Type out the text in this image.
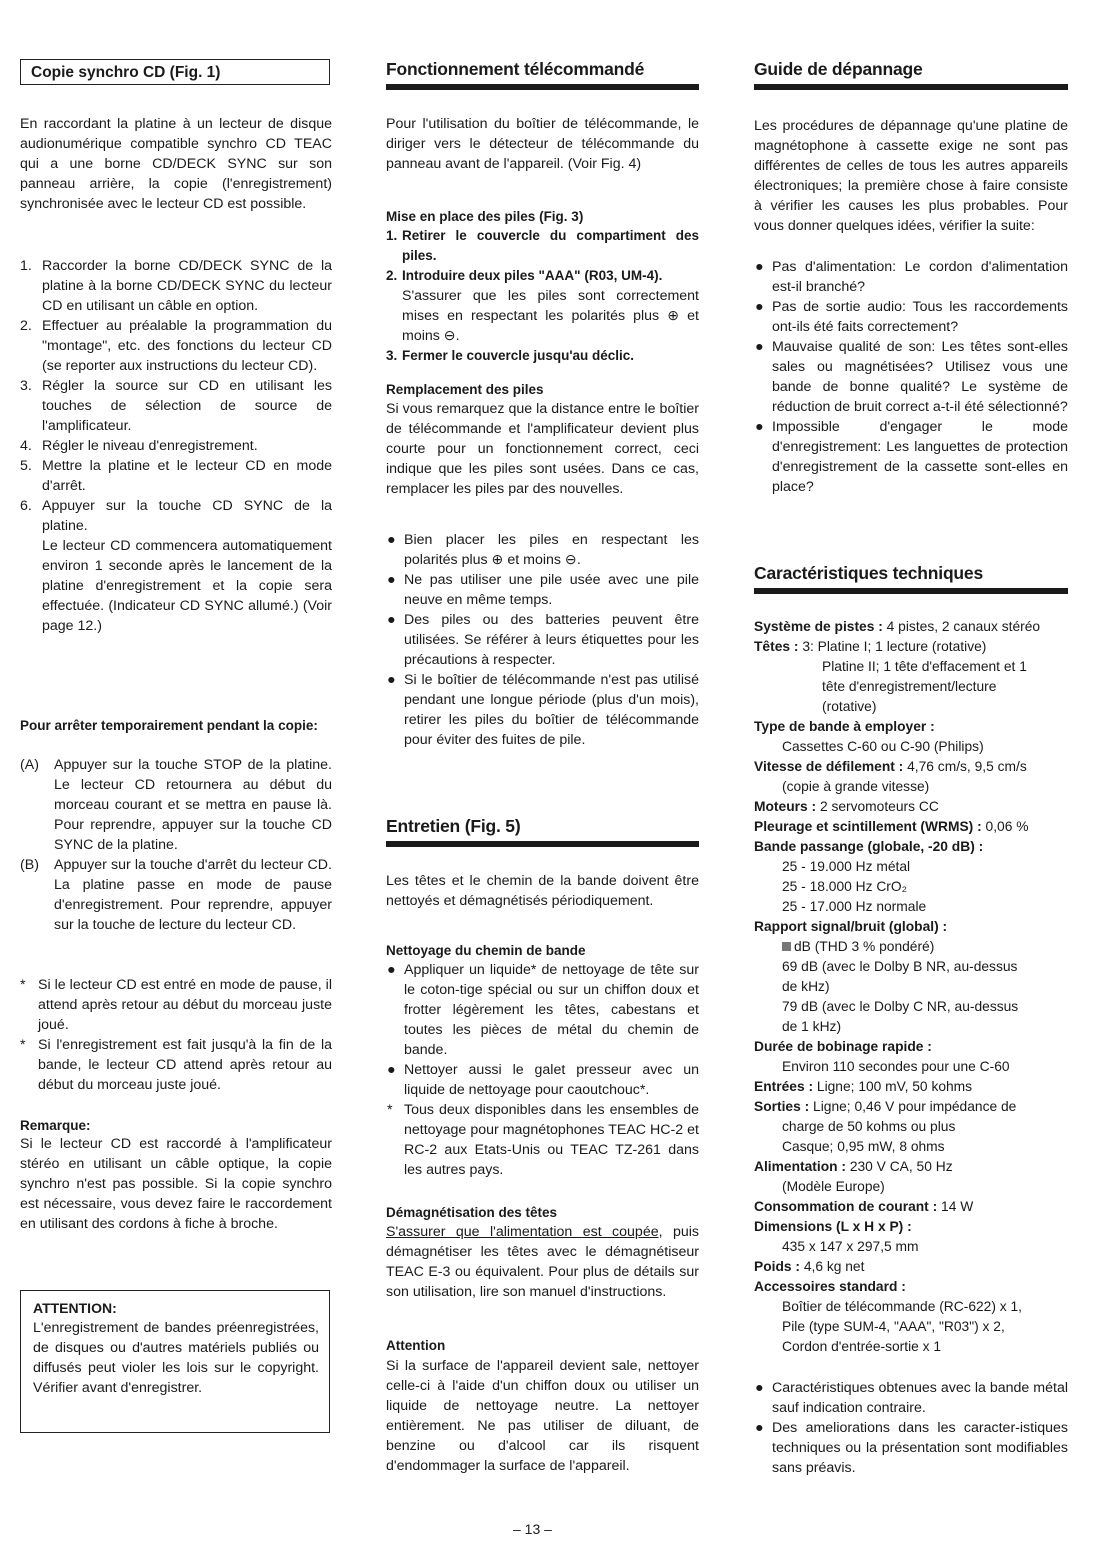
Copie synchro CD (Fig. 1)

En raccordant la platine à un lecteur de disque audionumérique compatible synchro CD TEAC qui a une borne CD/DECK SYNC sur son panneau arrière, la copie (l'enregistrement) synchronisée avec le lecteur CD est possible.

1. Raccorder la borne CD/DECK SYNC de la platine à la borne CD/DECK SYNC du lecteur CD en utilisant un câble en option.
2. Effectuer au préalable la programmation du "montage", etc. des fonctions du lecteur CD (se reporter aux instructions du lecteur CD).
3. Régler la source sur CD en utilisant les touches de sélection de source de l'amplificateur.
4. Régler le niveau d'enregistrement.
5. Mettre la platine et le lecteur CD en mode d'arrêt.
6. Appuyer sur la touche CD SYNC de la platine.
Le lecteur CD commencera automatiquement environ 1 seconde après le lancement de la platine d'enregistrement et la copie sera effectuée. (Indicateur CD SYNC allumé.) (Voir page 12.)
Pour arrêter temporairement pendant la copie:
(A) Appuyer sur la touche STOP de la platine. Le lecteur CD retournera au début du morceau courant et se mettra en pause là. Pour reprendre, appuyer sur la touche CD SYNC de la platine.
(B) Appuyer sur la touche d'arrêt du lecteur CD. La platine passe en mode de pause d'enregistrement. Pour reprendre, appuyer sur la touche de lecture du lecteur CD.
* Si le lecteur CD est entré en mode de pause, il attend après retour au début du morceau juste joué.
* Si l'enregistrement est fait jusqu'à la fin de la bande, le lecteur CD attend après retour au début du morceau juste joué.
Remarque:

Si le lecteur CD est raccordé à l'amplificateur stéréo en utilisant un câble optique, la copie synchro n'est pas possible. Si la copie synchro est nécessaire, vous devez faire le raccordement en utilisant des cordons à fiche à broche.

ATTENTION:

L'enregistrement de bandes préenregistrées, de disques ou d'autres matériels publiés ou diffusés peut violer les lois sur le copyright. Vérifier avant d'enregistrer.

Fonctionnement télécommandé

Pour l'utilisation du boîtier de télécommande, le diriger vers le détecteur de télécommande du panneau avant de l'appareil. (Voir Fig. 4)

Mise en place des piles (Fig. 3)
1. Retirer le couvercle du compartiment des piles.
2. Introduire deux piles "AAA" (R03, UM-4).
S'assurer que les piles sont correctement mises en respectant les polarités plus ⊕ et moins ⊖.
3. Fermer le couvercle jusqu'au déclic.
Remplacement des piles

Si vous remarquez que la distance entre le boîtier de télécommande et l'amplificateur devient plus courte pour un fonctionnement correct, ceci indique que les piles sont usées. Dans ce cas, remplacer les piles par des nouvelles.

● Bien placer les piles en respectant les polarités plus ⊕ et moins ⊖.
● Ne pas utiliser une pile usée avec une pile neuve en même temps.
● Des piles ou des batteries peuvent être utilisées. Se référer à leurs étiquettes pour les précautions à respecter.
● Si le boîtier de télécommande n'est pas utilisé pendant une longue période (plus d'un mois), retirer les piles du boîtier de télécommande pour éviter des fuites de pile.
Entretien (Fig. 5)

Les têtes et le chemin de la bande doivent être nettoyés et démagnétisés périodiquement.

Nettoyage du chemin de bande
● Appliquer un liquide* de nettoyage de tête sur le coton-tige spécial ou sur un chiffon doux et frotter légèrement les têtes, cabestans et toutes les pièces de métal du chemin de bande.
● Nettoyer aussi le galet presseur avec un liquide de nettoyage pour caoutchouc*.
* Tous deux disponibles dans les ensembles de nettoyage pour magnétophones TEAC HC-2 et RC-2 aux Etats-Unis ou TEAC TZ-261 dans les autres pays.
Démagnétisation des têtes

S'assurer que l'alimentation est coupée, puis démagnétiser les têtes avec le démagnétiseur TEAC E-3 ou équivalent. Pour plus de détails sur son utilisation, lire son manuel d'instructions.

Attention

Si la surface de l'appareil devient sale, nettoyer celle-ci à l'aide d'un chiffon doux ou utiliser un liquide de nettoyage neutre. La nettoyer entièrement. Ne pas utiliser de diluant, de benzine ou d'alcool car ils risquent d'endommager la surface de l'appareil.

Guide de dépannage

Les procédures de dépannage qu'une platine de magnétophone à cassette exige ne sont pas différentes de celles de tous les autres appareils électroniques; la première chose à faire consiste à vérifier les causes les plus probables. Pour vous donner quelques idées, vérifier la suite:

● Pas d'alimentation: Le cordon d'alimentation est-il branché?
● Pas de sortie audio: Tous les raccordements ont-ils été faits correctement?
● Mauvaise qualité de son: Les têtes sont-elles sales ou magnétisées? Utilisez vous une bande de bonne qualité? Le système de réduction de bruit correct a-t-il été sélectionné?
● Impossible d'engager le mode d'enregistrement: Les languettes de protection d'enregistrement de la cassette sont-elles en place?
Caractéristiques techniques
Système de pistes : 4 pistes, 2 canaux stéréo
Têtes : 3: Platine I; 1 lecture (rotative)
Platine II; 1 tête d'effacement et 1
tête d'enregistrement/lecture
(rotative)
Type de bande à employer :
Cassettes C-60 ou C-90 (Philips)
Vitesse de défilement : 4,76 cm/s, 9,5 cm/s
(copie à grande vitesse)
Moteurs : 2 servomoteurs CC
Pleurage et scintillement (WRMS) : 0,06 %
Bande passange (globale, -20 dB) :
25 - 19.000 Hz métal
25 - 18.000 Hz CrO₂
25 - 17.000 Hz normale
Rapport signal/bruit (global) :
dB (THD 3 % pondéré)
69 dB (avec le Dolby B NR, au-dessus
de kHz)
79 dB (avec le Dolby C NR, au-dessus
de 1 kHz)
Durée de bobinage rapide :
Environ 110 secondes pour une C-60
Entrées : Ligne; 100 mV, 50 kohms
Sorties : Ligne; 0,46 V pour impédance de
charge de 50 kohms ou plus
Casque; 0,95 mW, 8 ohms
Alimentation : 230 V CA, 50 Hz
(Modèle Europe)
Consommation de courant : 14 W
Dimensions (L x H x P) :
435 x 147 x 297,5 mm
Poids : 4,6 kg net
Accessoires standard :
Boîtier de télécommande (RC-622) x 1,
Pile (type SUM-4, "AAA", "R03") x 2,
Cordon d'entrée-sortie x 1
● Caractéristiques obtenues avec la bande métal sauf indication contraire.
● Des ameliorations dans les caracter-istiques techniques ou la présentation sont modifiables sans préavis.
– 13 –
